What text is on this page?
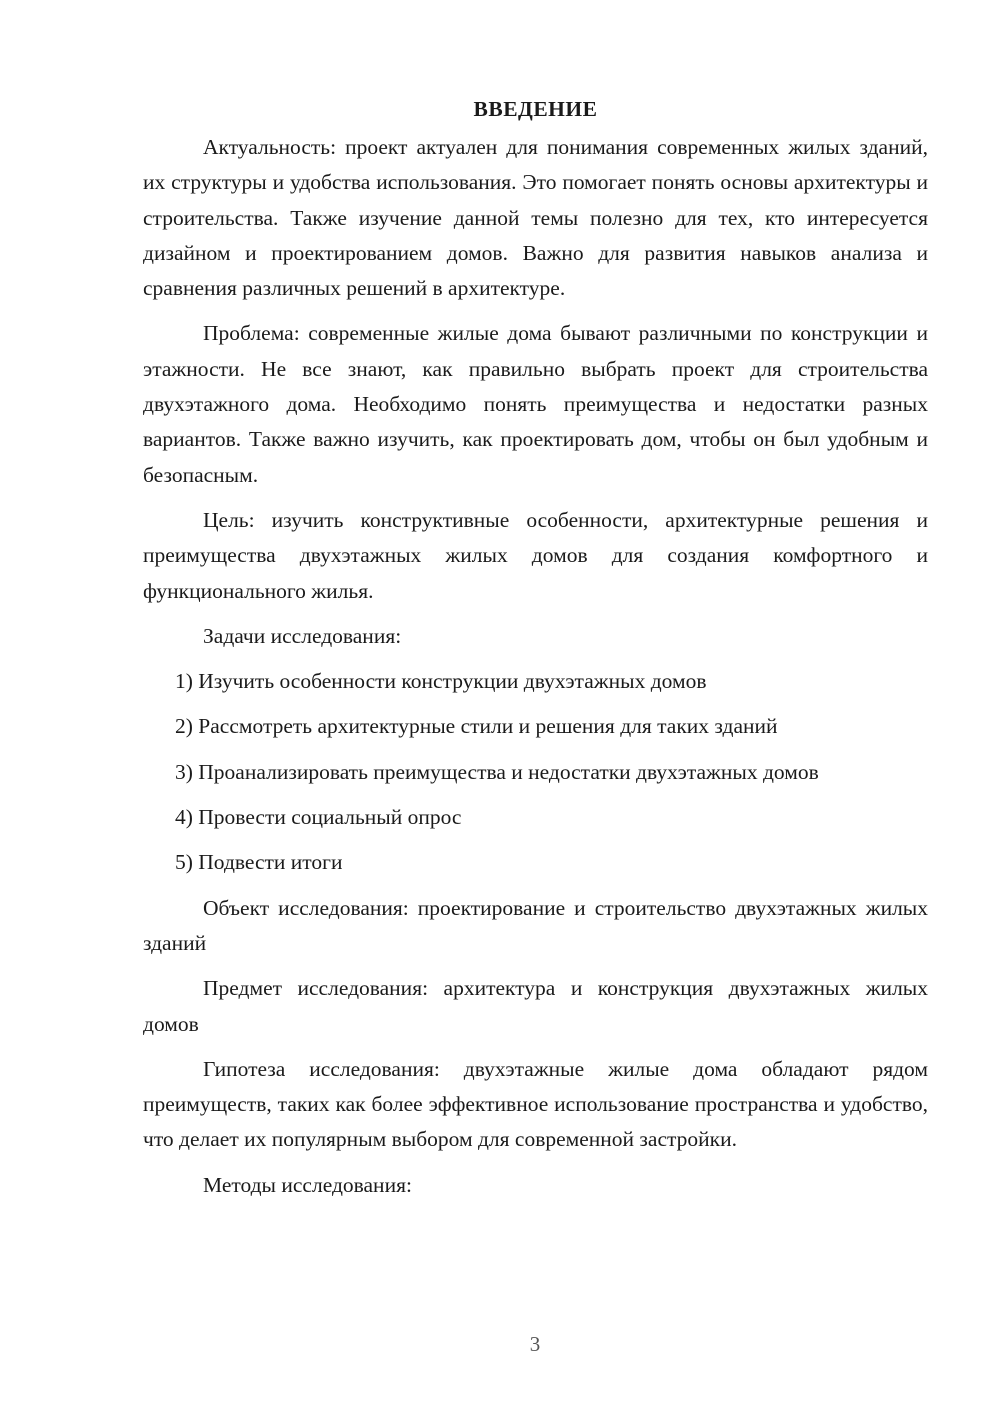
ВВЕДЕНИЕ

Актуальность: проект актуален для понимания современных жилых зданий, их структуры и удобства использования. Это помогает понять основы архитектуры и строительства. Также изучение данной темы полезно для тех, кто интересуется дизайном и проектированием домов. Важно для развития навыков анализа и сравнения различных решений в архитектуре.

Проблема: современные жилые дома бывают различными по конструкции и этажности. Не все знают, как правильно выбрать проект для строительства двухэтажного дома. Необходимо понять преимущества и недостатки разных вариантов. Также важно изучить, как проектировать дом, чтобы он был удобным и безопасным.

Цель: изучить конструктивные особенности, архитектурные решения и преимущества двухэтажных жилых домов для создания комфортного и функционального жилья.

Задачи исследования:

1) Изучить особенности конструкции двухэтажных домов
2) Рассмотреть архитектурные стили и решения для таких зданий
3) Проанализировать преимущества и недостатки двухэтажных домов
4) Провести социальный опрос
5) Подвести итоги

Объект исследования: проектирование и строительство двухэтажных жилых зданий

Предмет исследования: архитектура и конструкция двухэтажных жилых домов

Гипотеза исследования: двухэтажные жилые дома обладают рядом преимуществ, таких как более эффективное использование пространства и удобство, что делает их популярным выбором для современной застройки.

Методы исследования:

3
